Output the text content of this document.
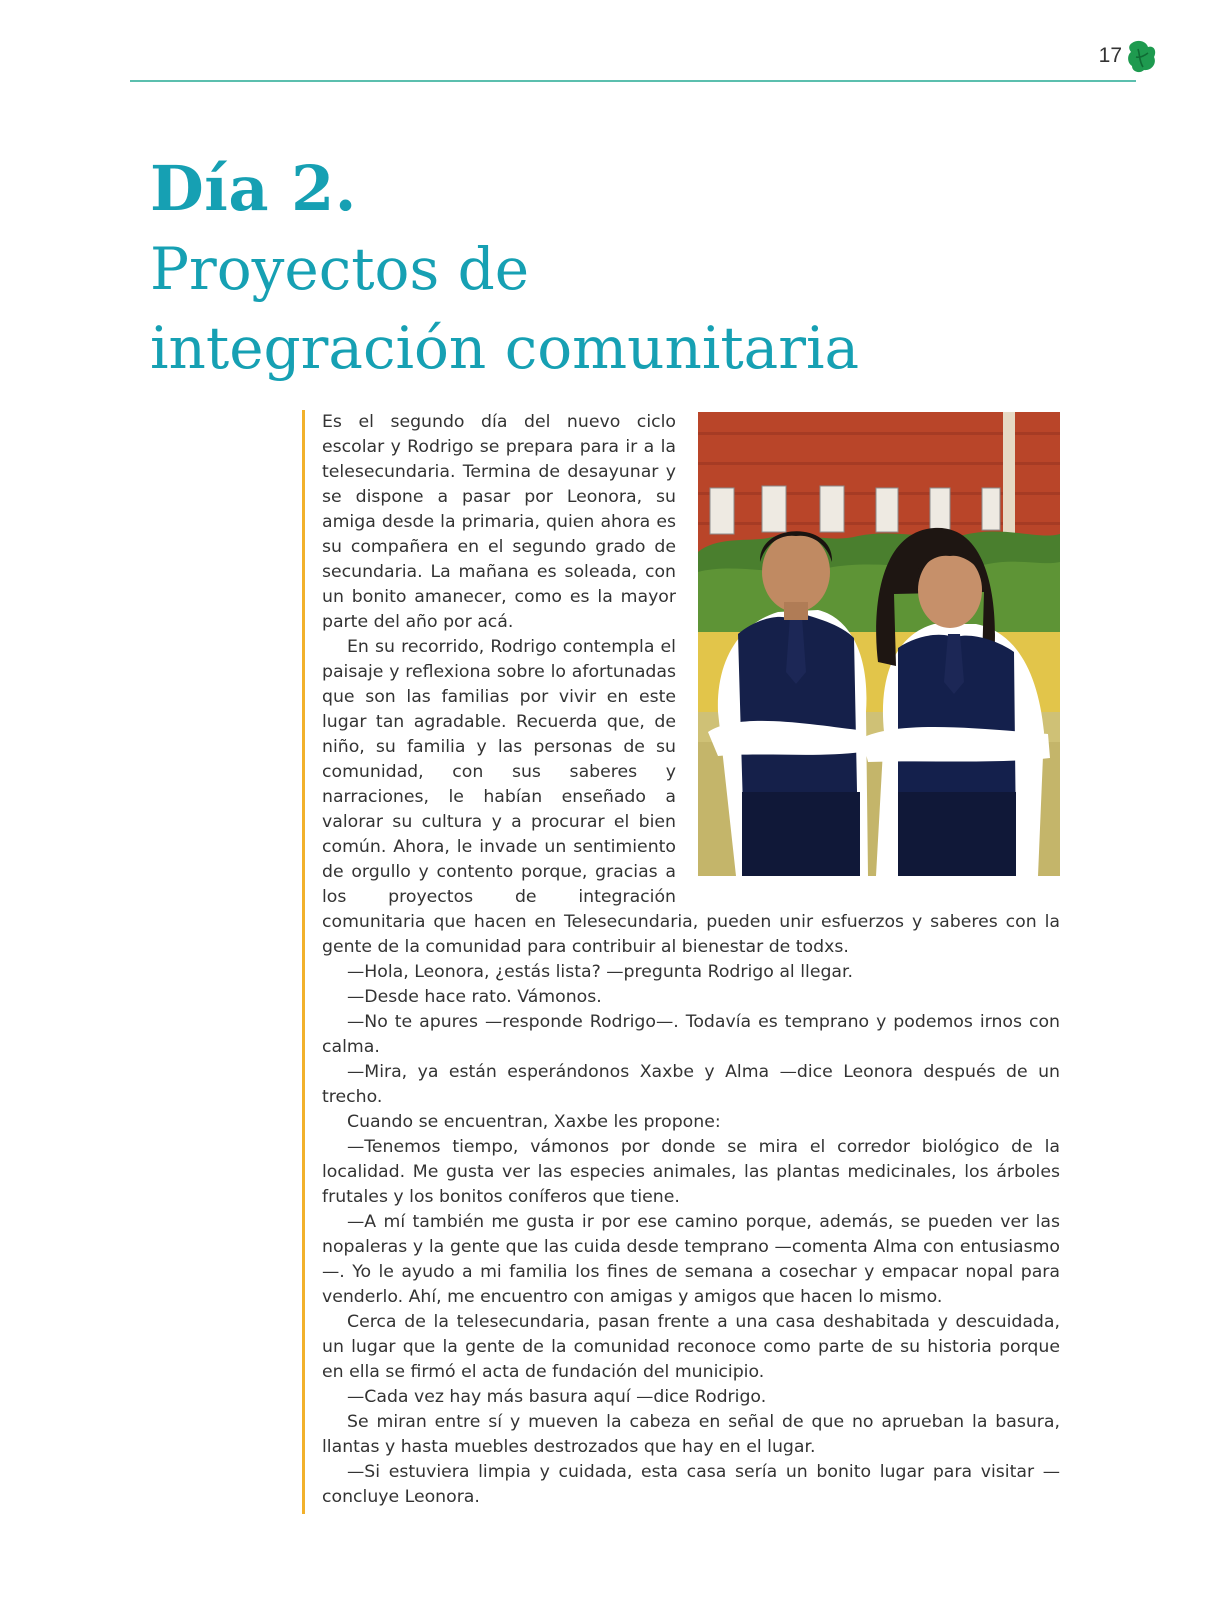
17
Día 2.
Proyectos de
integración comunitaria

Es el segundo día del nuevo ciclo escolar y Rodrigo se prepara para ir a la telesecundaria. Termina de desayunar y se dispone a pasar por Leonora, su amiga desde la primaria, quien ahora es su compañera en el segundo grado de secundaria. La mañana es soleada, con un bonito amanecer, como es la mayor parte del año por acá.

En su recorrido, Rodrigo contempla el paisaje y reflexiona sobre lo afortunadas que son las familias por vivir en este lugar tan agradable. Recuerda que, de niño, su familia y las personas de su comunidad, con sus saberes y narraciones, le habían enseñado a valorar su cultura y a procurar el bien común. Ahora, le invade un sentimiento de orgullo y contento porque, gracias a los proyectos de integración comunitaria que hacen en Telesecundaria, pueden unir esfuerzos y saberes con la gente de la comunidad para contribuir al bienestar de todxs.

—Hola, Leonora, ¿estás lista? —pregunta Rodrigo al llegar.

—Desde hace rato. Vámonos.

—No te apures —responde Rodrigo—. Todavía es temprano y podemos irnos con calma.

—Mira, ya están esperándonos Xaxbe y Alma —dice Leonora después de un trecho.

Cuando se encuentran, Xaxbe les propone:

—Tenemos tiempo, vámonos por donde se mira el corredor biológico de la localidad. Me gusta ver las especies animales, las plantas medicinales, los árboles frutales y los bonitos coníferos que tiene.

—A mí también me gusta ir por ese camino porque, además, se pueden ver las nopaleras y la gente que las cuida desde temprano —comenta Alma con entusiasmo—. Yo le ayudo a mi familia los fines de semana a cosechar y empacar nopal para venderlo. Ahí, me encuentro con amigas y amigos que hacen lo mismo.

Cerca de la telesecundaria, pasan frente a una casa deshabitada y descuidada, un lugar que la gente de la comunidad reconoce como parte de su historia porque en ella se firmó el acta de fundación del municipio.

—Cada vez hay más basura aquí —dice Rodrigo.

Se miran entre sí y mueven la cabeza en señal de que no aprueban la basura, llantas y hasta muebles destrozados que hay en el lugar.

—Si estuviera limpia y cuidada, esta casa sería un bonito lugar para visitar —concluye Leonora.
